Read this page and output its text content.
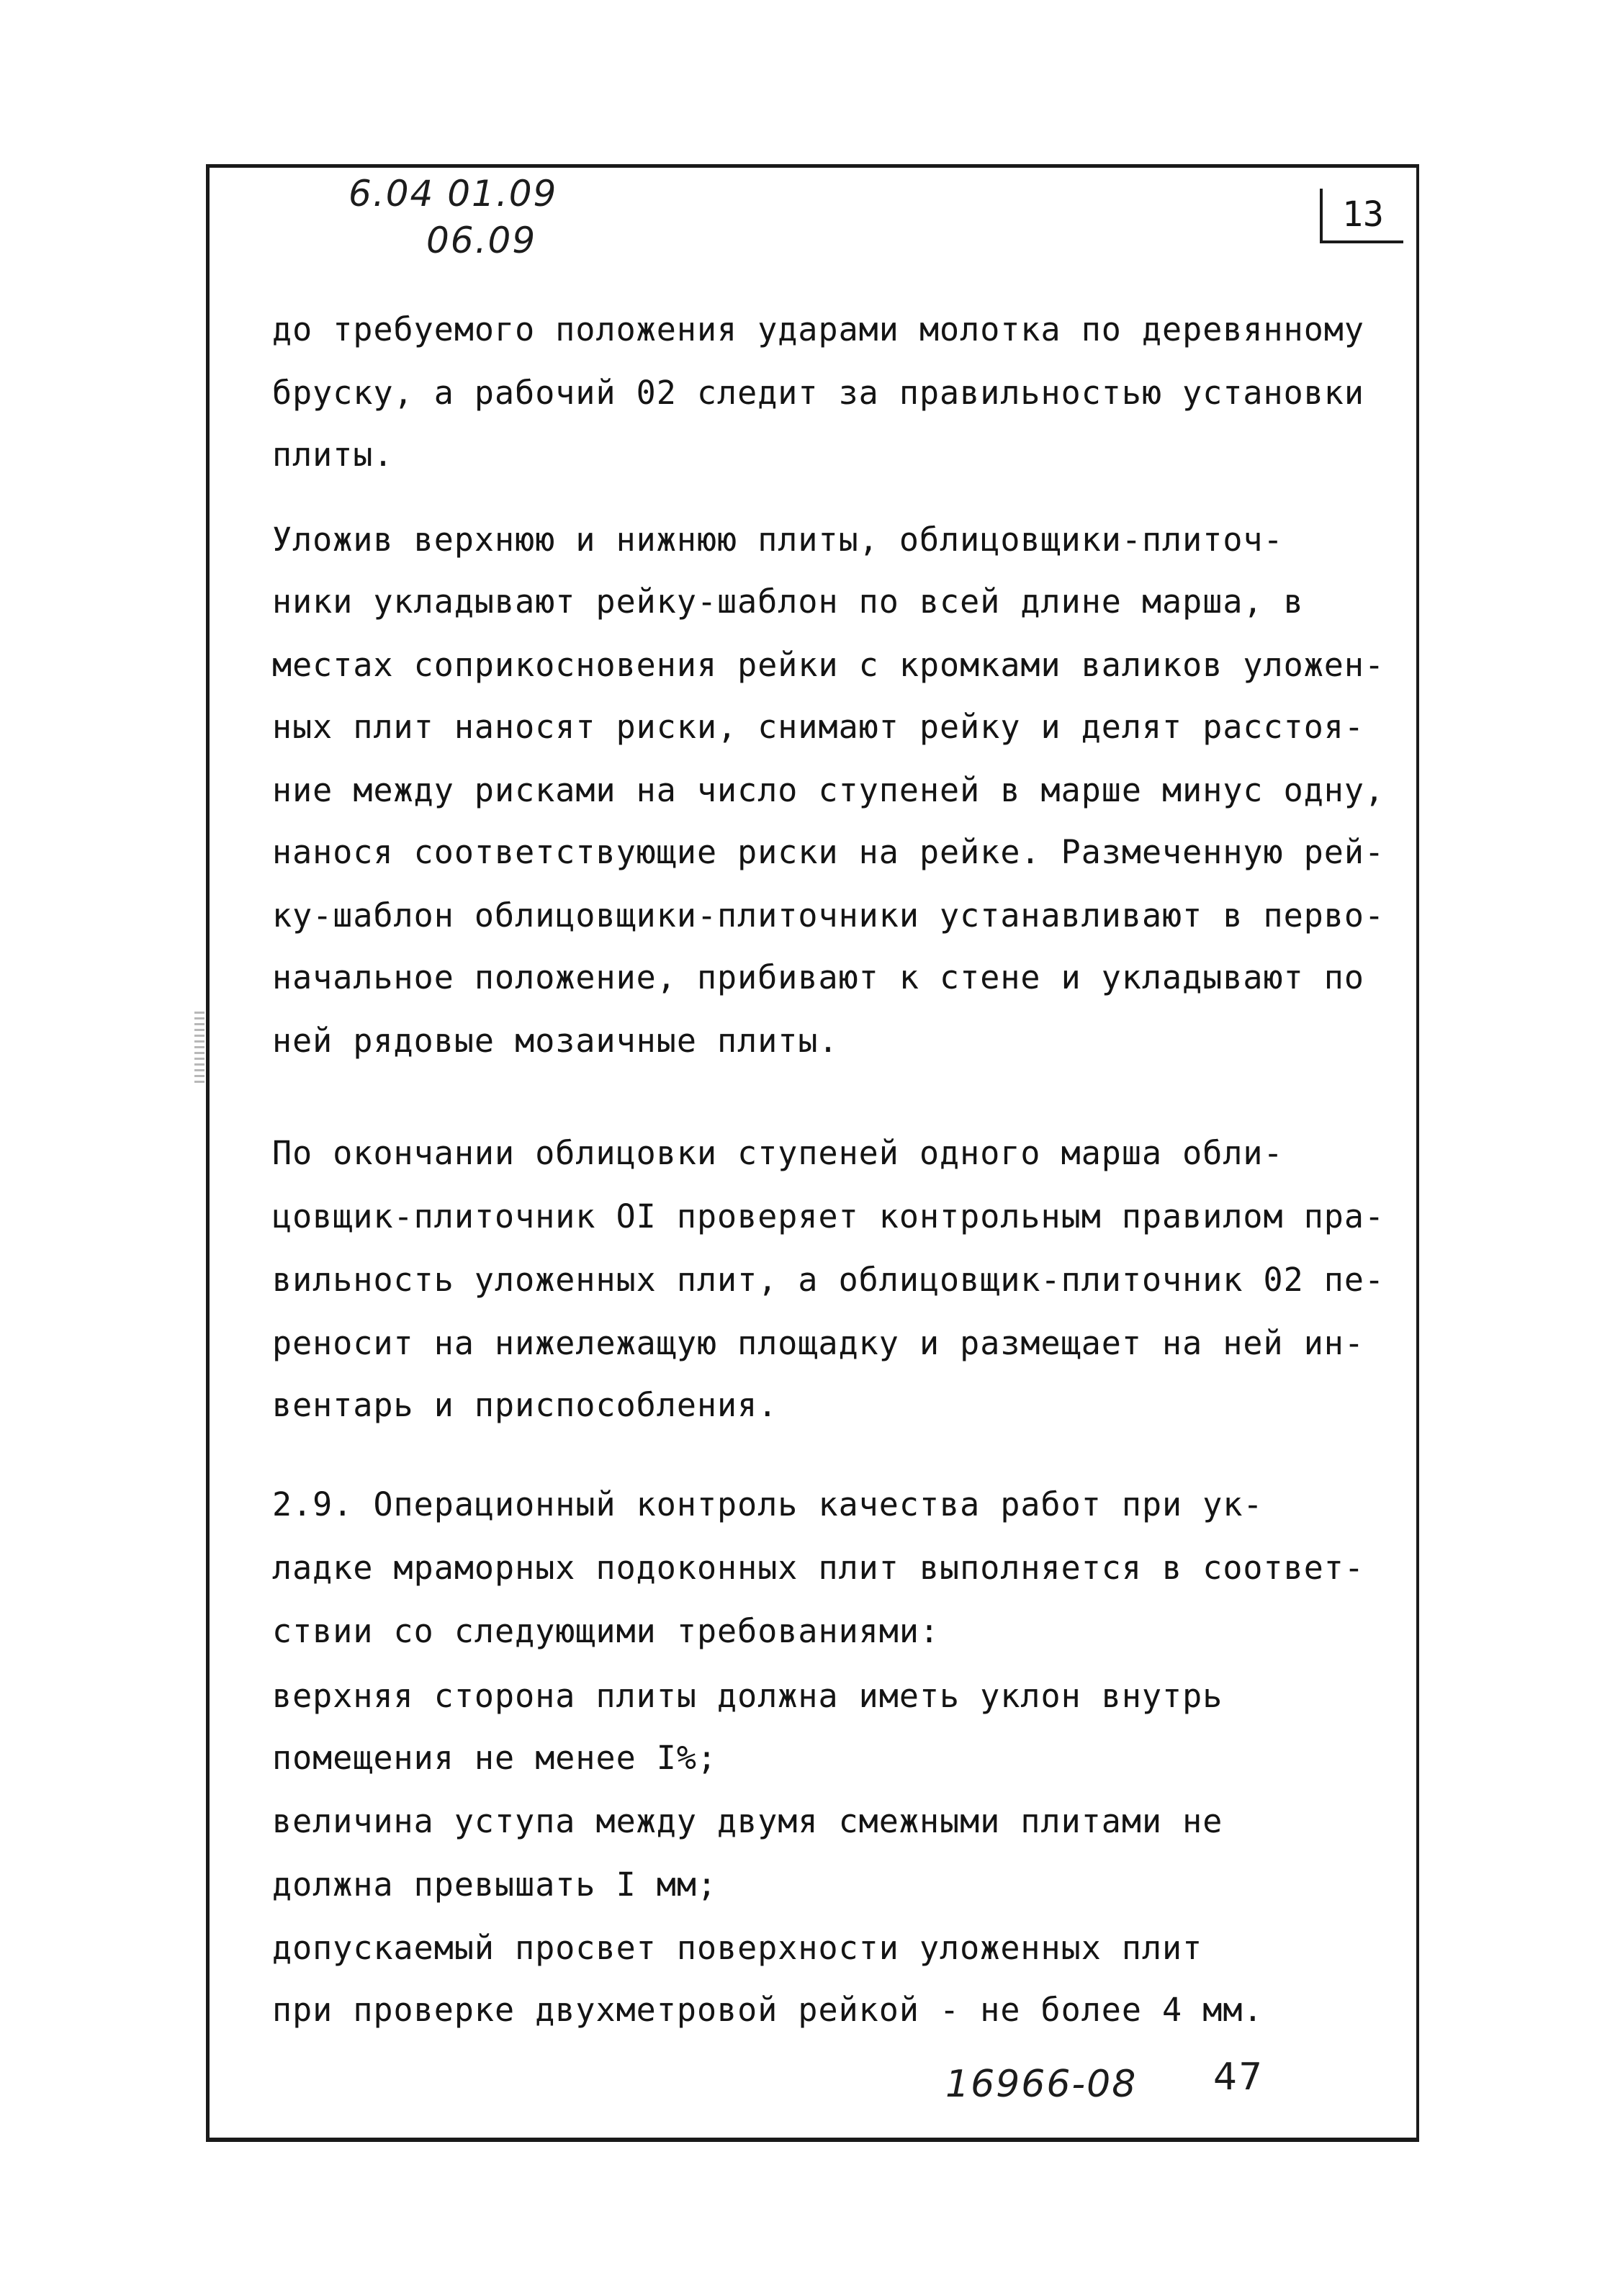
6.04 01.09
06.09
13
до требуемого положения ударами молотка по деревянному
бруску, а рабочий 02 следит за правильностью установки
плиты.
Уложив верхнюю и нижнюю плиты, облицовщики-плиточ-
ники укладывают рейку-шаблон по всей длине марша, в
местах соприкосновения рейки с кромками валиков уложен-
ных плит наносят риски, снимают рейку и делят расстоя-
ние между рисками на число ступеней в марше минус одну,
нанося соответствующие риски на рейке. Размеченную рей-
ку-шаблон облицовщики-плиточники устанавливают в перво-
начальное положение, прибивают к стене и укладывают по
ней рядовые мозаичные плиты.
По окончании облицовки ступеней одного марша обли-
цовщик-плиточник OI проверяет контрольным правилом пра-
вильность уложенных плит, а облицовщик-плиточник 02 пе-
реносит на нижележащую площадку и размещает на ней ин-
вентарь и приспособления.
2.9. Операционный контроль качества работ при ук-
ладке мраморных подоконных плит выполняется в соответ-
ствии со следующими требованиями:
верхняя сторона плиты должна иметь уклон внутрь
помещения не менее I%;
величина уступа между двумя смежными плитами не
должна превышать I мм;
допускаемый просвет поверхности уложенных плит
при проверке двухметровой рейкой - не более 4 мм.
16966-08 47
